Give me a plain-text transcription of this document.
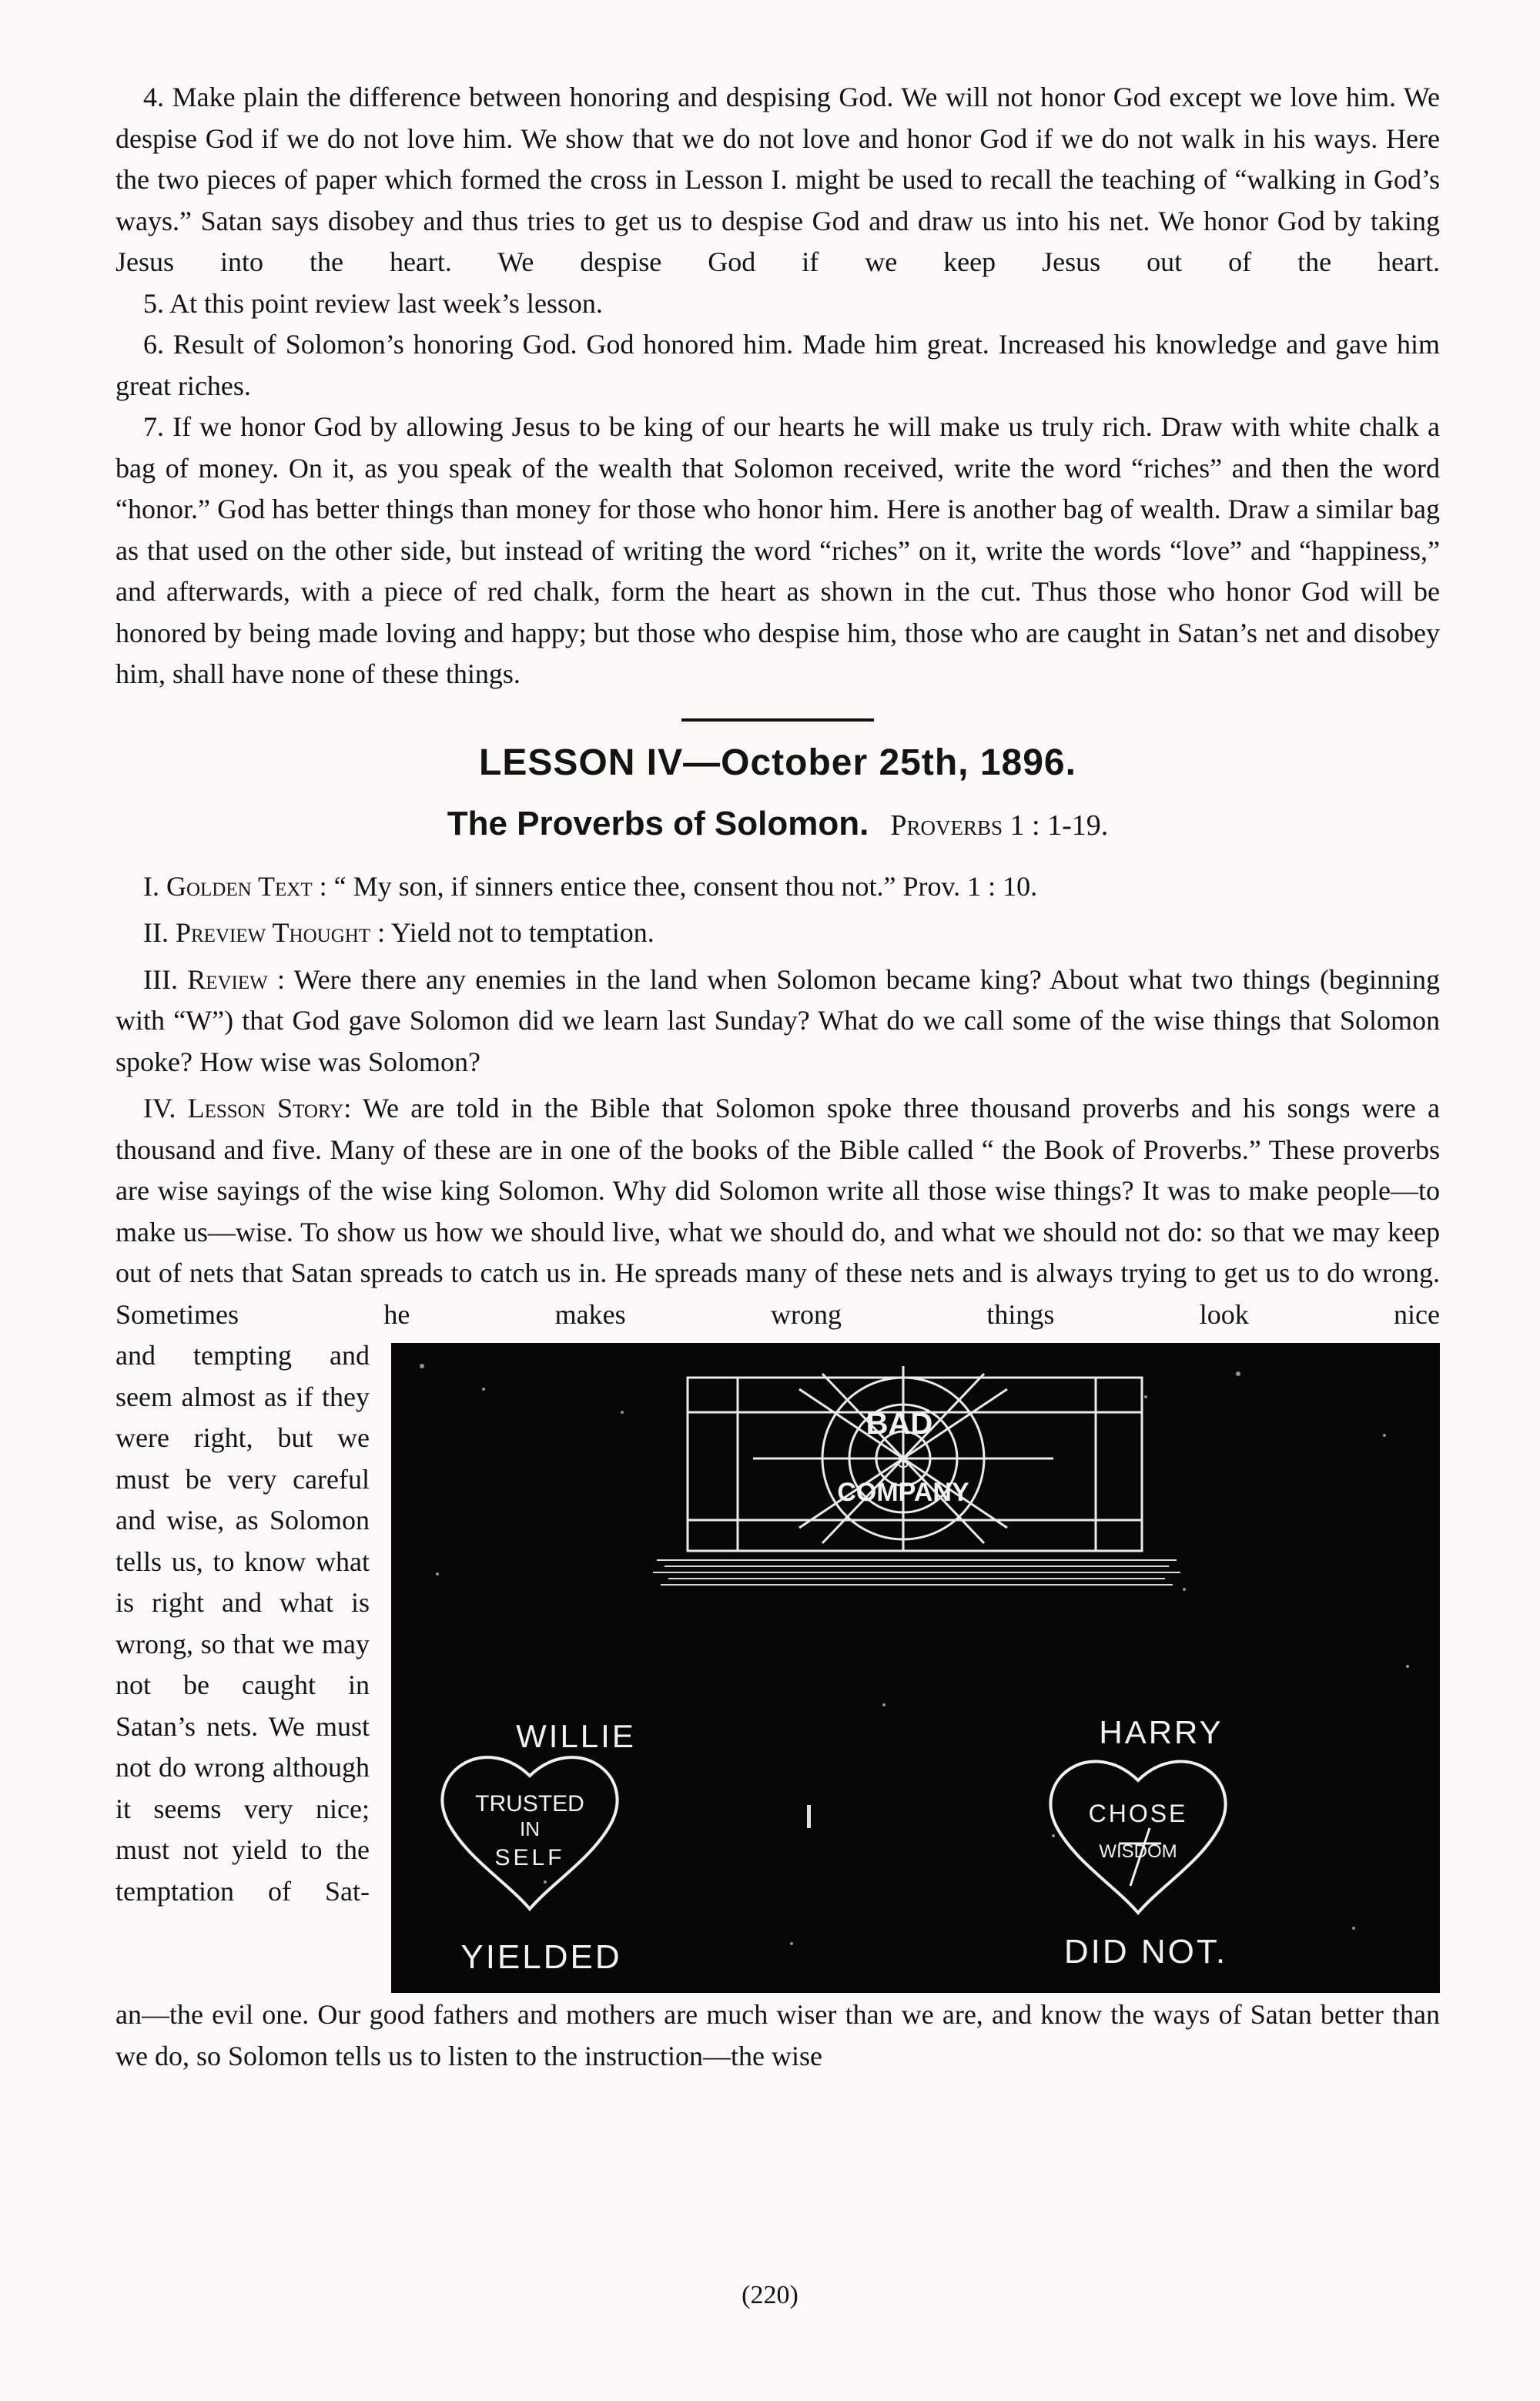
4. Make plain the difference between honoring and despising God. We will not honor God except we love him. We despise God if we do not love him. We show that we do not love and honor God if we do not walk in his ways. Here the two pieces of paper which formed the cross in Lesson I. might be used to recall the teaching of “walking in God’s ways.” Satan says disobey and thus tries to get us to despise God and draw us into his net. We honor God by taking Jesus into the heart. We despise God if we keep Jesus out of the heart.

5. At this point review last week’s lesson.

6. Result of Solomon’s honoring God. God honored him. Made him great. Increased his knowledge and gave him great riches.

7. If we honor God by allowing Jesus to be king of our hearts he will make us truly rich. Draw with white chalk a bag of money. On it, as you speak of the wealth that Solomon received, write the word “riches” and then the word “honor.” God has better things than money for those who honor him. Here is another bag of wealth. Draw a similar bag as that used on the other side, but instead of writing the word “riches” on it, write the words “love” and “happiness,” and afterwards, with a piece of red chalk, form the heart as shown in the cut. Thus those who honor God will be honored by being made loving and happy; but those who despise him, those who are caught in Satan’s net and disobey him, shall have none of these things.

LESSON IV—October 25th, 1896.
The Proverbs of Solomon. Proverbs 1 : 1-19.

I. Golden Text : “ My son, if sinners entice thee, consent thou not.” Prov. 1 : 10.

II. Preview Thought : Yield not to temptation.

III. Review : Were there any enemies in the land when Solomon became king? About what two things (beginning with “W”) that God gave Solomon did we learn last Sunday? What do we call some of the wise things that Solomon spoke? How wise was Solomon?

IV. Lesson Story: We are told in the Bible that Solomon spoke three thousand proverbs and his songs were a thousand and five. Many of these are in one of the books of the Bible called “ the Book of Proverbs.” These proverbs are wise sayings of the wise king Solomon. Why did Solomon write all those wise things? It was to make people—to make us—wise. To show us how we should live, what we should do, and what we should not do: so that we may keep out of nets that Satan spreads to catch us in. He spreads many of these nets and is always trying to get us to do wrong. Sometimes he makes wrong things look nice

and tempting and seem almost as if they were right, but we must be very careful and wise, as Solomon tells us, to know what is right and what is wrong, so that we may not be caught in Satan’s nets. We must not do wrong although it seems very nice; must not yield to the temptation of Sat-

BAD
S
COMPANY
WILLIE	HARRY
TRUSTED
IN
SELF
CHOSE
WISDOM
YIELDED	DID NOT.

an—the evil one. Our good fathers and mothers are much wiser than we are, and know the ways of Satan better than we do, so Solomon tells us to listen to the instruction—the wise

(220)
